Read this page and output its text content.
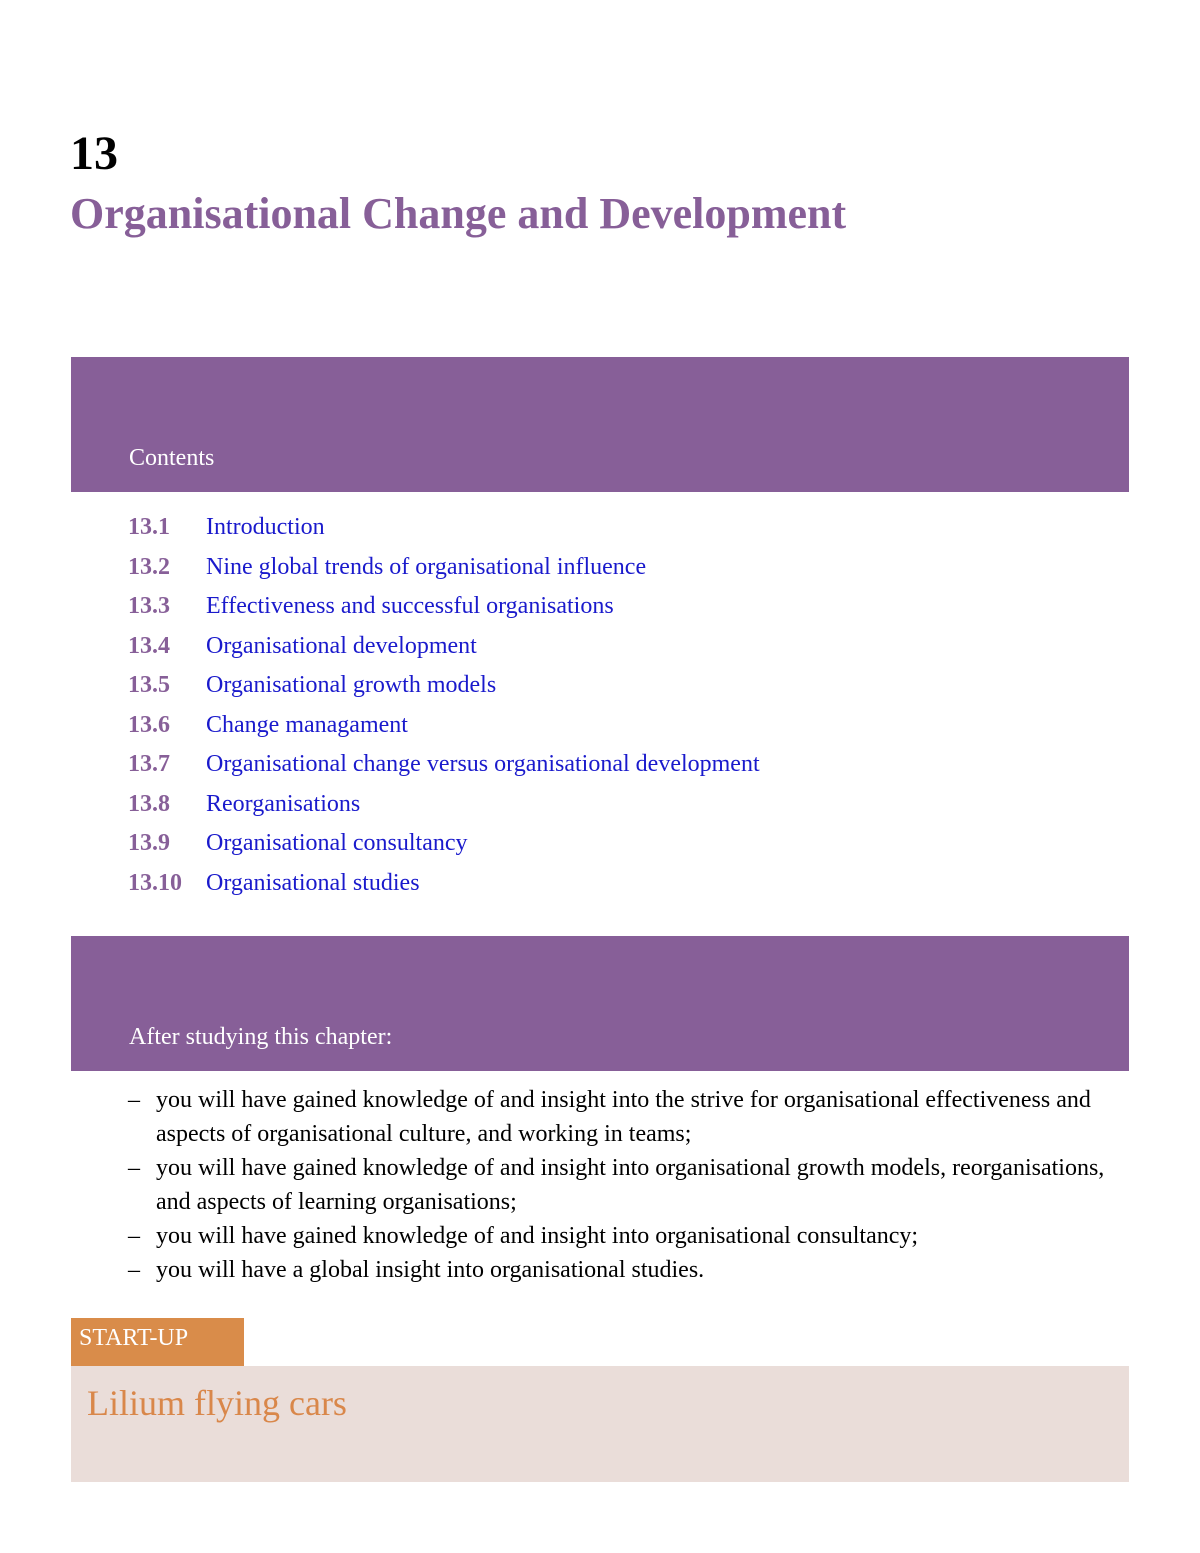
13
Organisational Change and Development
Contents
13.1	Introduction
13.2	Nine global trends of organisational influence
13.3	Effectiveness and successful organisations
13.4	Organisational development
13.5	Organisational growth models
13.6	Change managament
13.7	Organisational change versus organisational development
13.8	Reorganisations
13.9	Organisational consultancy
13.10	Organisational studies
After studying this chapter:
– you will have gained knowledge of and insight into the strive for organisational effectiveness and aspects of organisational culture, and working in teams;
– you will have gained knowledge of and insight into organisational growth models, reorganisations, and aspects of learning organisations;
– you will have gained knowledge of and insight into organisational consultancy;
– you will have a global insight into organisational studies.
START-UP
Lilium flying cars
